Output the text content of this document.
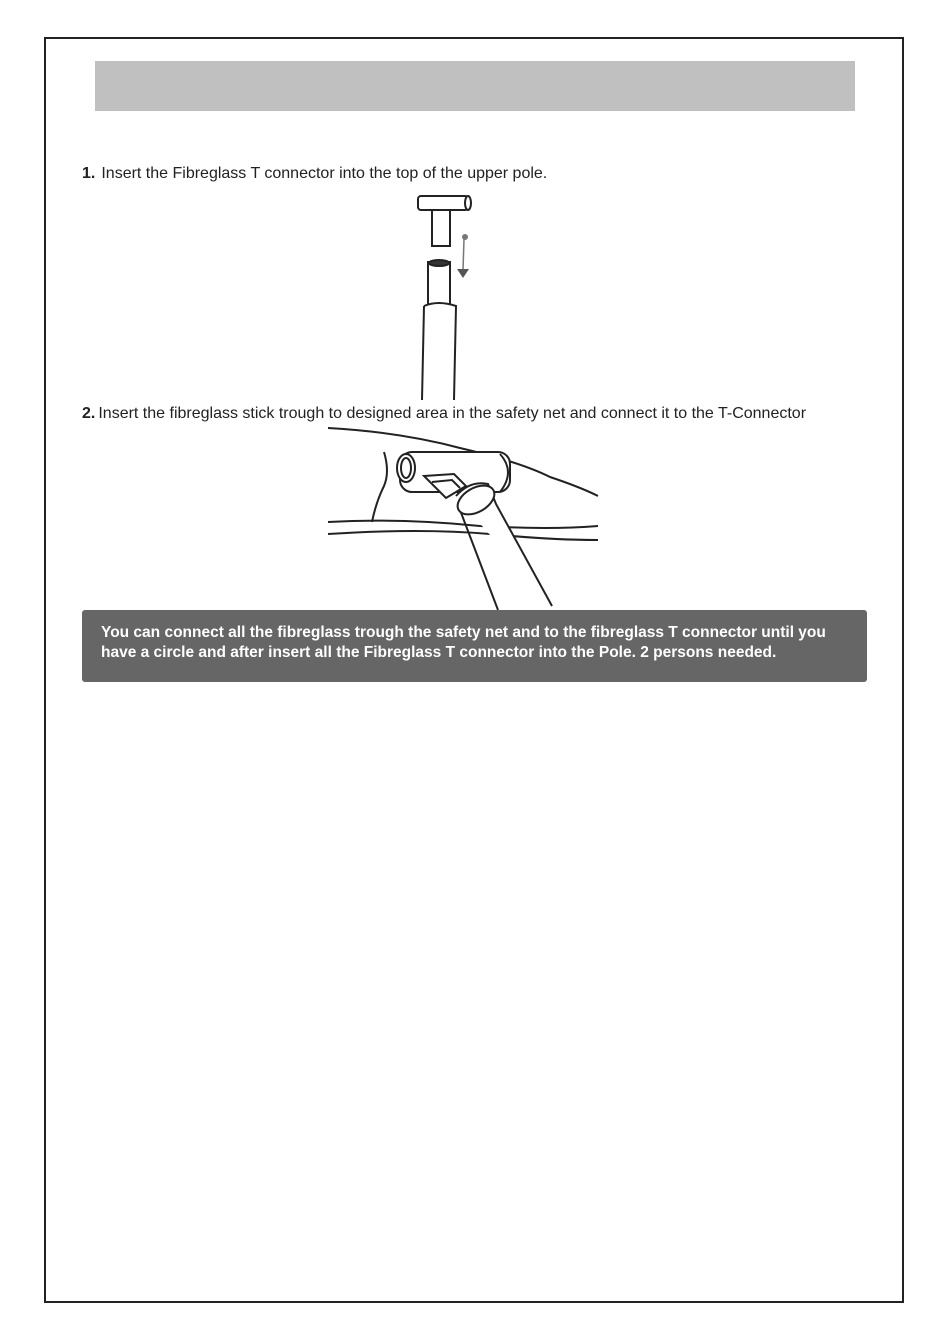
1. Insert the Fibreglass T connector into the top of the upper pole.
2. Insert the fibreglass stick trough to designed area in the safety net and connect it to the T-Connector
You can connect all the fibreglass trough the safety net and to the fibreglass T connector until you have a circle and after insert all the Fibreglass T connector into the Pole. 2 persons needed.
